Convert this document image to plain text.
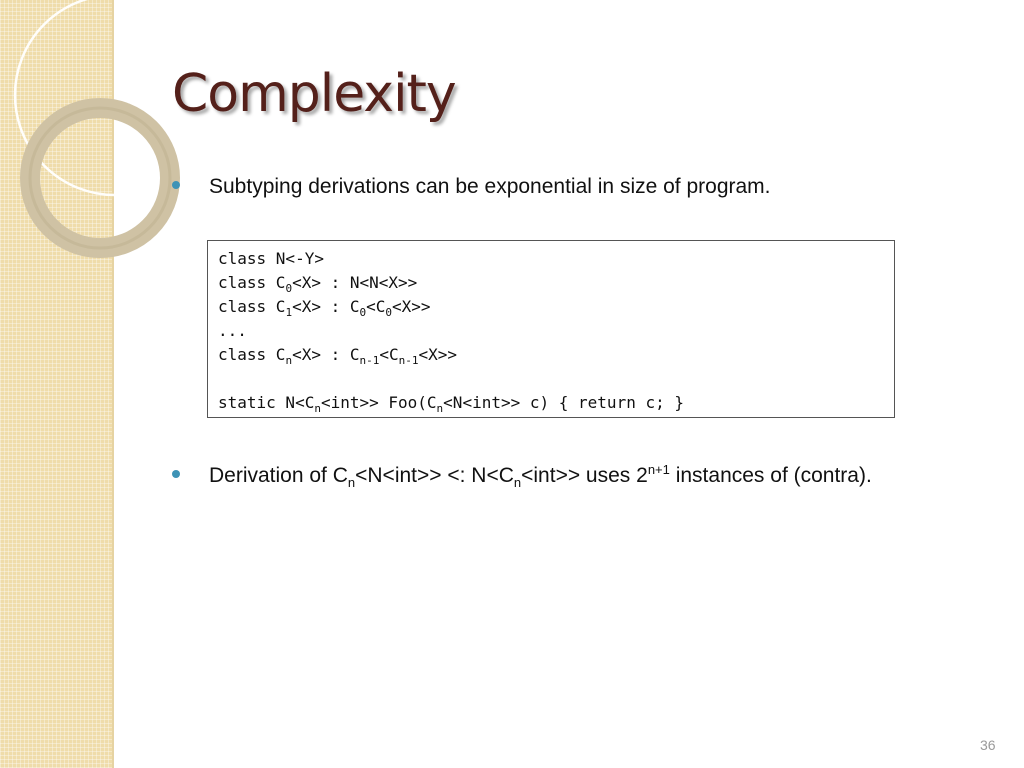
Complexity
Subtyping derivations can be exponential in size of program.
class N<-Y>
class $C_0<X>$ : N<N<X>>
class $C_1<X>$ : $C_0<C_0<X>>$
...
class $C_n<X>$ : $C_{n-1}<C_{n-1}<X>>$
static $N<C_n<int>> Foo(C_n<N<int>> c)$ { return c; }
Derivation of $C_n<N<int>>$ <: $N<C_n<int>>$ uses $2^{n+1}$ instances of (contra).
36
